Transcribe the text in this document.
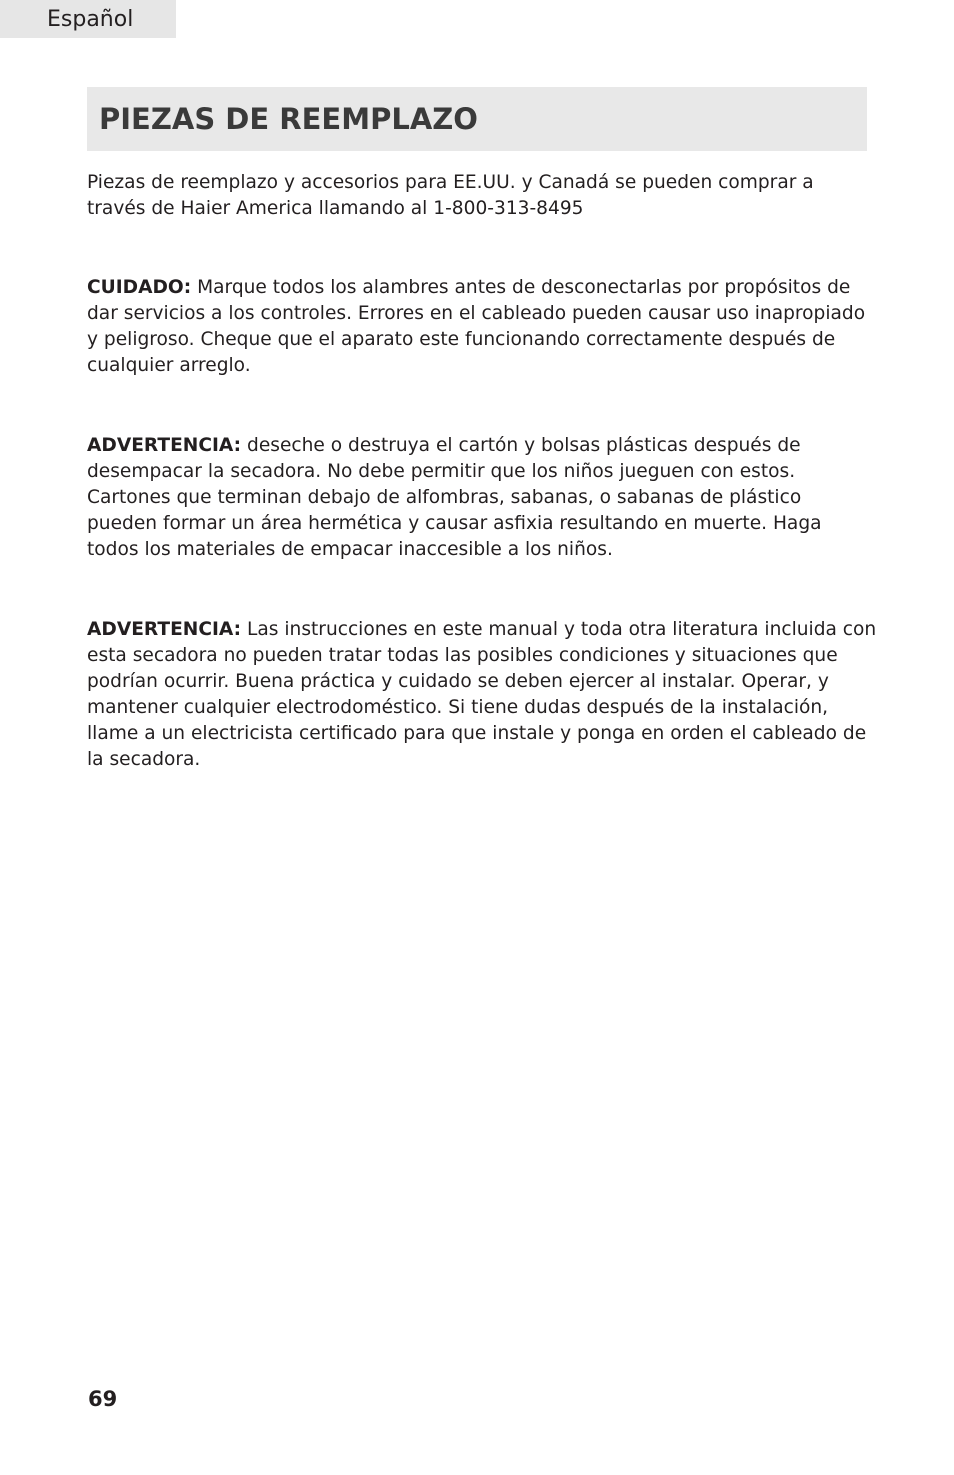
Español
PIEZAS DE REEMPLAZO

Piezas de reemplazo y accesorios para EE.UU. y Canadá se pueden comprar a través de Haier America llamando al 1-800-313-8495

CUIDADO: Marque todos los alambres antes de desconectarlas por propósitos de dar servicios a los controles. Errores en el cableado pueden causar uso inapropiado y peligroso. Cheque que el aparato este funcionando correctamente después de cualquier arreglo.

ADVERTENCIA: deseche o destruya el cartón y bolsas plásticas después de desempacar la secadora. No debe permitir que los niños jueguen con estos. Cartones que terminan debajo de alfombras, sabanas, o sabanas de plástico pueden formar un área hermética y causar asfixia resultando en muerte. Haga todos los materiales de empacar inaccesible a los niños.

ADVERTENCIA: Las instrucciones en este manual y toda otra literatura incluida con esta secadora no pueden tratar todas las posibles condiciones y situaciones que podrían ocurrir. Buena práctica y cuidado se deben ejercer al instalar. Operar, y mantener cualquier electrodoméstico. Si tiene dudas después de la instalación, llame a un electricista certificado para que instale y ponga en orden el cableado de la secadora.

69
